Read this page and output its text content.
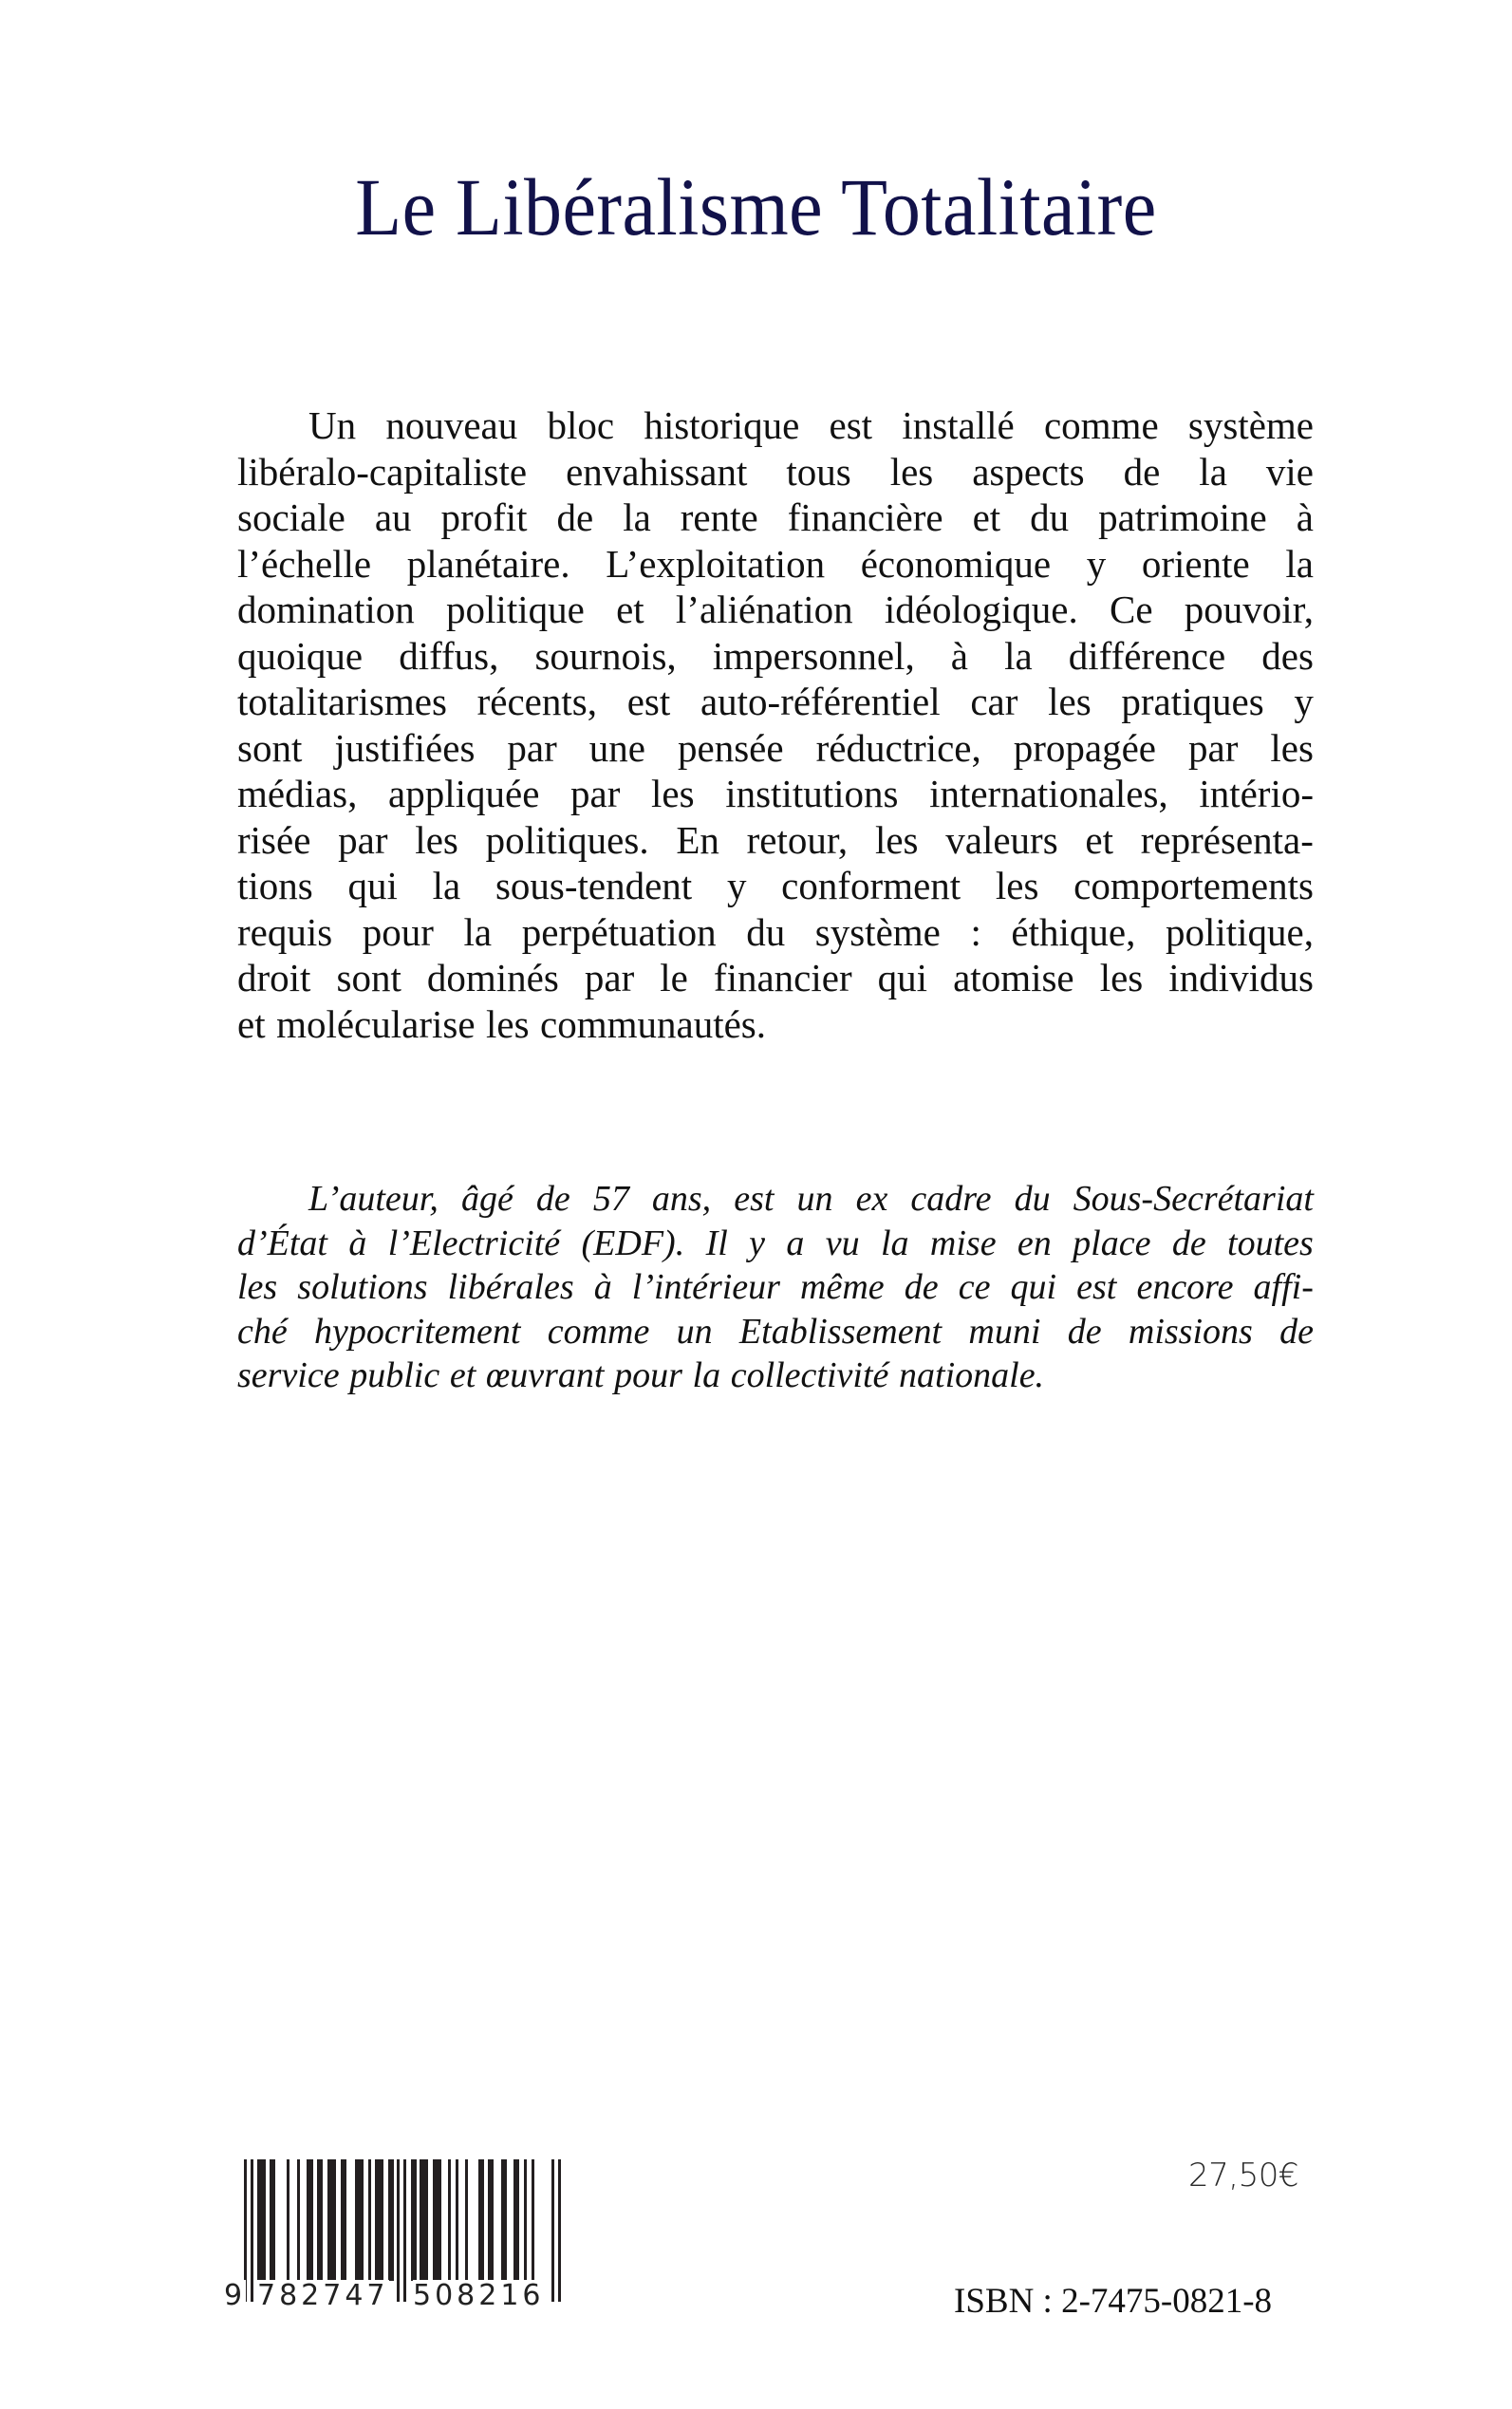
Le Libéralisme Totalitaire
Un nouveau bloc historique est installé comme système
libéralo-capitaliste envahissant tous les aspects de la vie
sociale au profit de la rente financière et du patrimoine à
l’échelle planétaire. L’exploitation économique y oriente la
domination politique et l’aliénation idéologique. Ce pouvoir,
quoique diffus, sournois, impersonnel, à la différence des
totalitarismes récents, est auto-référentiel car les pratiques y
sont justifiées par une pensée réductrice, propagée par les
médias, appliquée par les institutions internationales, intério-
risée par les politiques. En retour, les valeurs et représenta-
tions qui la sous-tendent y conforment les comportements
requis pour la perpétuation du système : éthique, politique,
droit sont dominés par le financier qui atomise les individus
et molécularise les communautés.
L’auteur, âgé de 57 ans, est un ex cadre du Sous-Secrétariat
d’État à l’Electricité (EDF). Il y a vu la mise en place de toutes
les solutions libérales à l’intérieur même de ce qui est encore affi-
ché hypocritement comme un Etablissement muni de missions de
service public et œuvrant pour la collectivité nationale.
9 782747 508216
27,50€
ISBN : 2-7475-0821-8
